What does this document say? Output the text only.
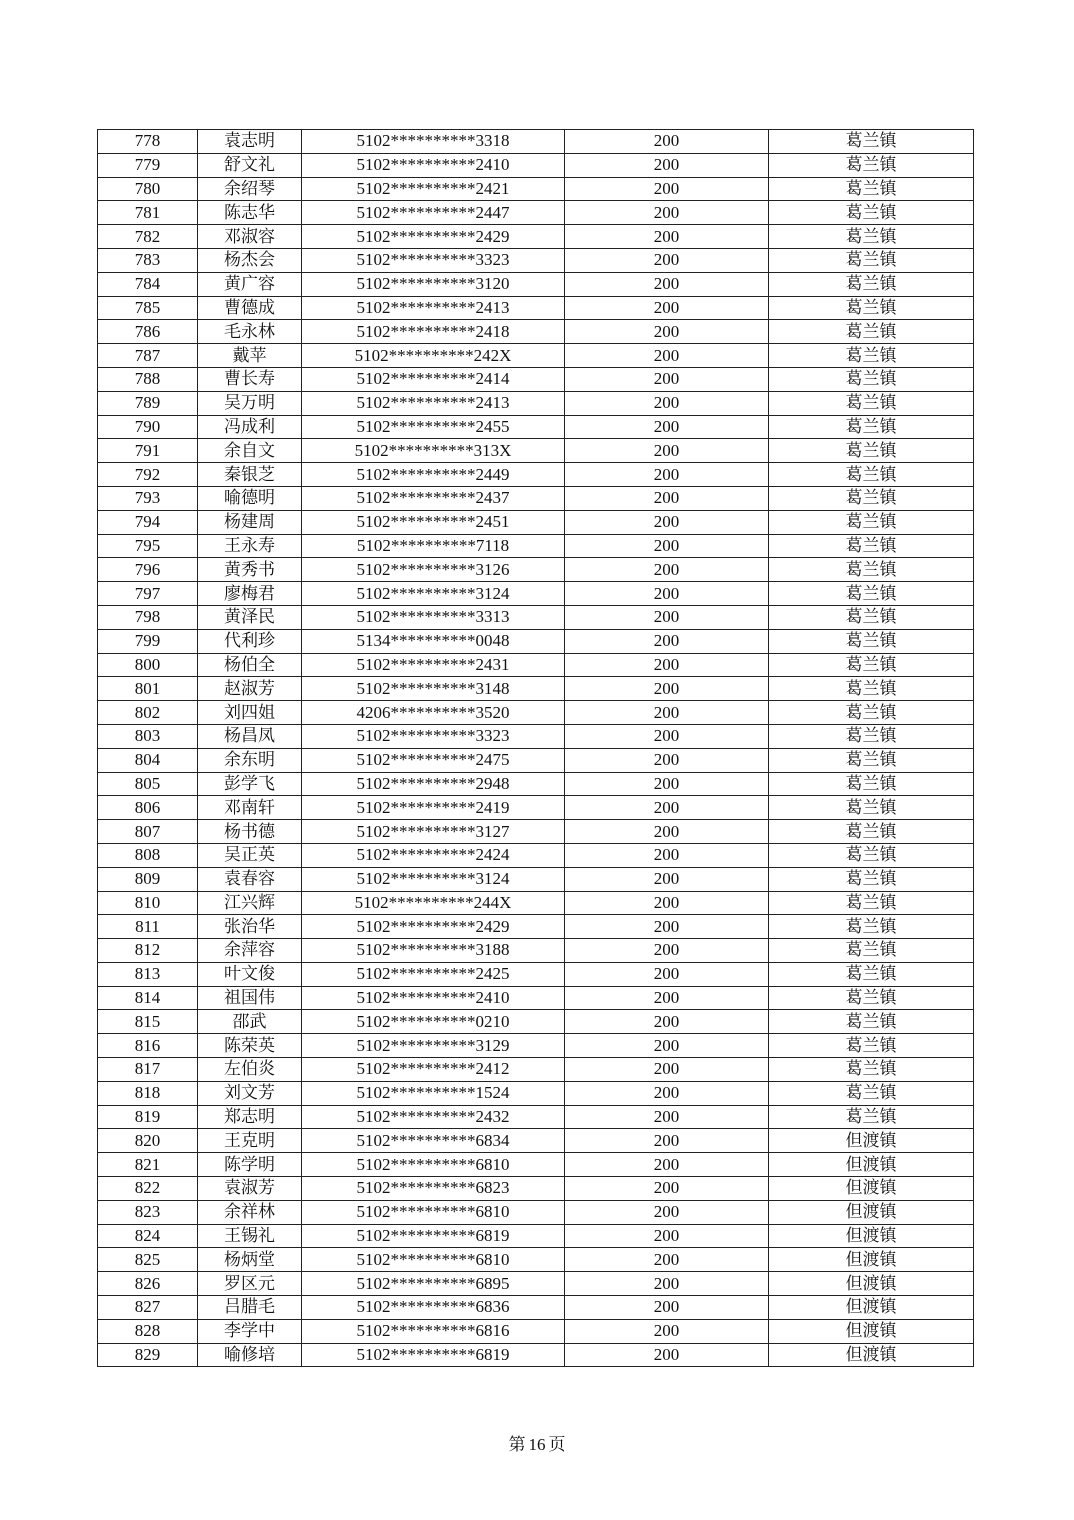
778	袁志明	5102**********3318	200	葛兰镇
779	舒文礼	5102**********2410	200	葛兰镇
780	余绍琴	5102**********2421	200	葛兰镇
781	陈志华	5102**********2447	200	葛兰镇
782	邓淑容	5102**********2429	200	葛兰镇
783	杨杰会	5102**********3323	200	葛兰镇
784	黄广容	5102**********3120	200	葛兰镇
785	曹德成	5102**********2413	200	葛兰镇
786	毛永林	5102**********2418	200	葛兰镇
787	戴苹	5102**********242X	200	葛兰镇
788	曹长寿	5102**********2414	200	葛兰镇
789	吴万明	5102**********2413	200	葛兰镇
790	冯成利	5102**********2455	200	葛兰镇
791	余自文	5102**********313X	200	葛兰镇
792	秦银芝	5102**********2449	200	葛兰镇
793	喻德明	5102**********2437	200	葛兰镇
794	杨建周	5102**********2451	200	葛兰镇
795	王永寿	5102**********7118	200	葛兰镇
796	黄秀书	5102**********3126	200	葛兰镇
797	廖梅君	5102**********3124	200	葛兰镇
798	黄泽民	5102**********3313	200	葛兰镇
799	代利珍	5134**********0048	200	葛兰镇
800	杨伯全	5102**********2431	200	葛兰镇
801	赵淑芳	5102**********3148	200	葛兰镇
802	刘四姐	4206**********3520	200	葛兰镇
803	杨昌凤	5102**********3323	200	葛兰镇
804	余东明	5102**********2475	200	葛兰镇
805	彭学飞	5102**********2948	200	葛兰镇
806	邓南轩	5102**********2419	200	葛兰镇
807	杨书德	5102**********3127	200	葛兰镇
808	吴正英	5102**********2424	200	葛兰镇
809	袁春容	5102**********3124	200	葛兰镇
810	江兴辉	5102**********244X	200	葛兰镇
811	张治华	5102**********2429	200	葛兰镇
812	余萍容	5102**********3188	200	葛兰镇
813	叶文俊	5102**********2425	200	葛兰镇
814	祖国伟	5102**********2410	200	葛兰镇
815	邵武	5102**********0210	200	葛兰镇
816	陈荣英	5102**********3129	200	葛兰镇
817	左伯炎	5102**********2412	200	葛兰镇
818	刘文芳	5102**********1524	200	葛兰镇
819	郑志明	5102**********2432	200	葛兰镇
820	王克明	5102**********6834	200	但渡镇
821	陈学明	5102**********6810	200	但渡镇
822	袁淑芳	5102**********6823	200	但渡镇
823	余祥林	5102**********6810	200	但渡镇
824	王锡礼	5102**********6819	200	但渡镇
825	杨炳堂	5102**********6810	200	但渡镇
826	罗区元	5102**********6895	200	但渡镇
827	吕腊毛	5102**********6836	200	但渡镇
828	李学中	5102**********6816	200	但渡镇
829	喻修培	5102**********6819	200	但渡镇
第 16 页
